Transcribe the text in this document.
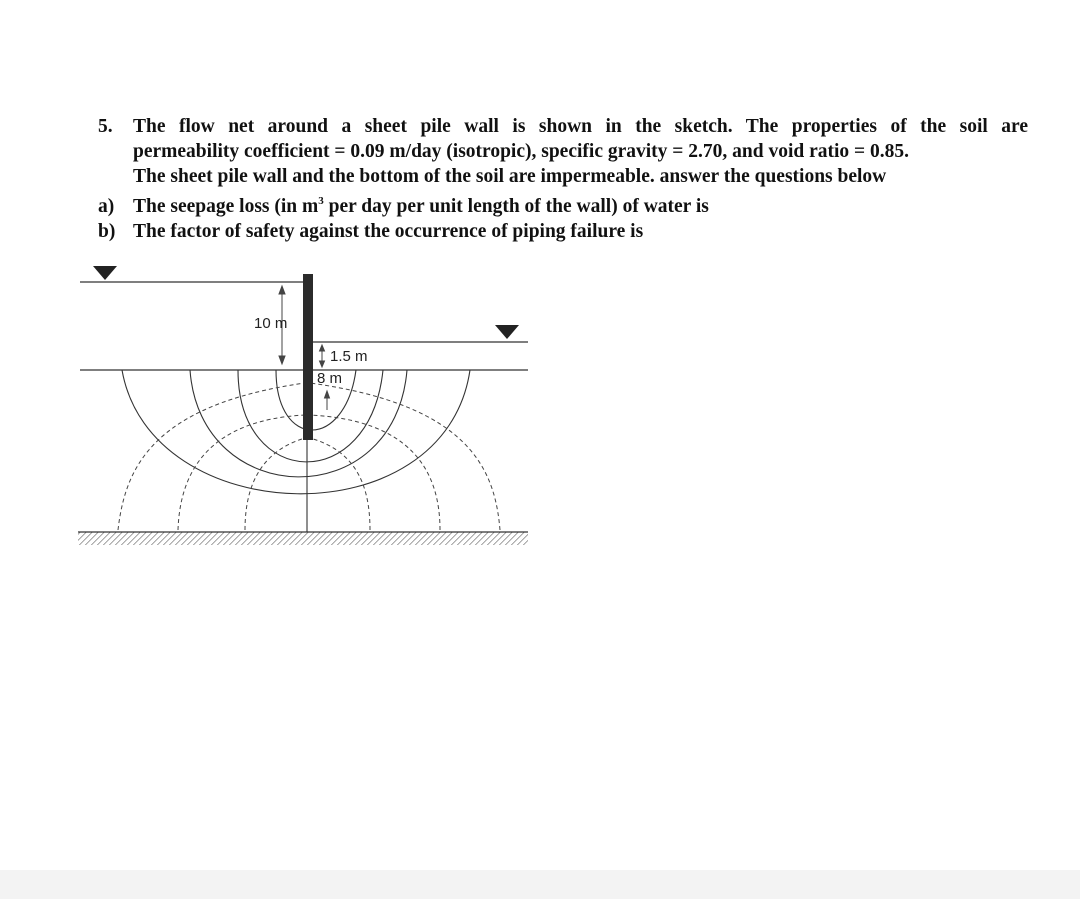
5. The flow net around a sheet pile wall is shown in the sketch. The properties of the soil are
permeability coefficient = 0.09 m/day (isotropic), specific gravity = 2.70, and void ratio = 0.85.
The sheet pile wall and the bottom of the soil are impermeable. answer the questions below
a) The seepage loss (in $m^3$ per day per unit length of the wall) of water is
b) The factor of safety against the occurrence of piping failure is
10 m
1.5 m
8 m
